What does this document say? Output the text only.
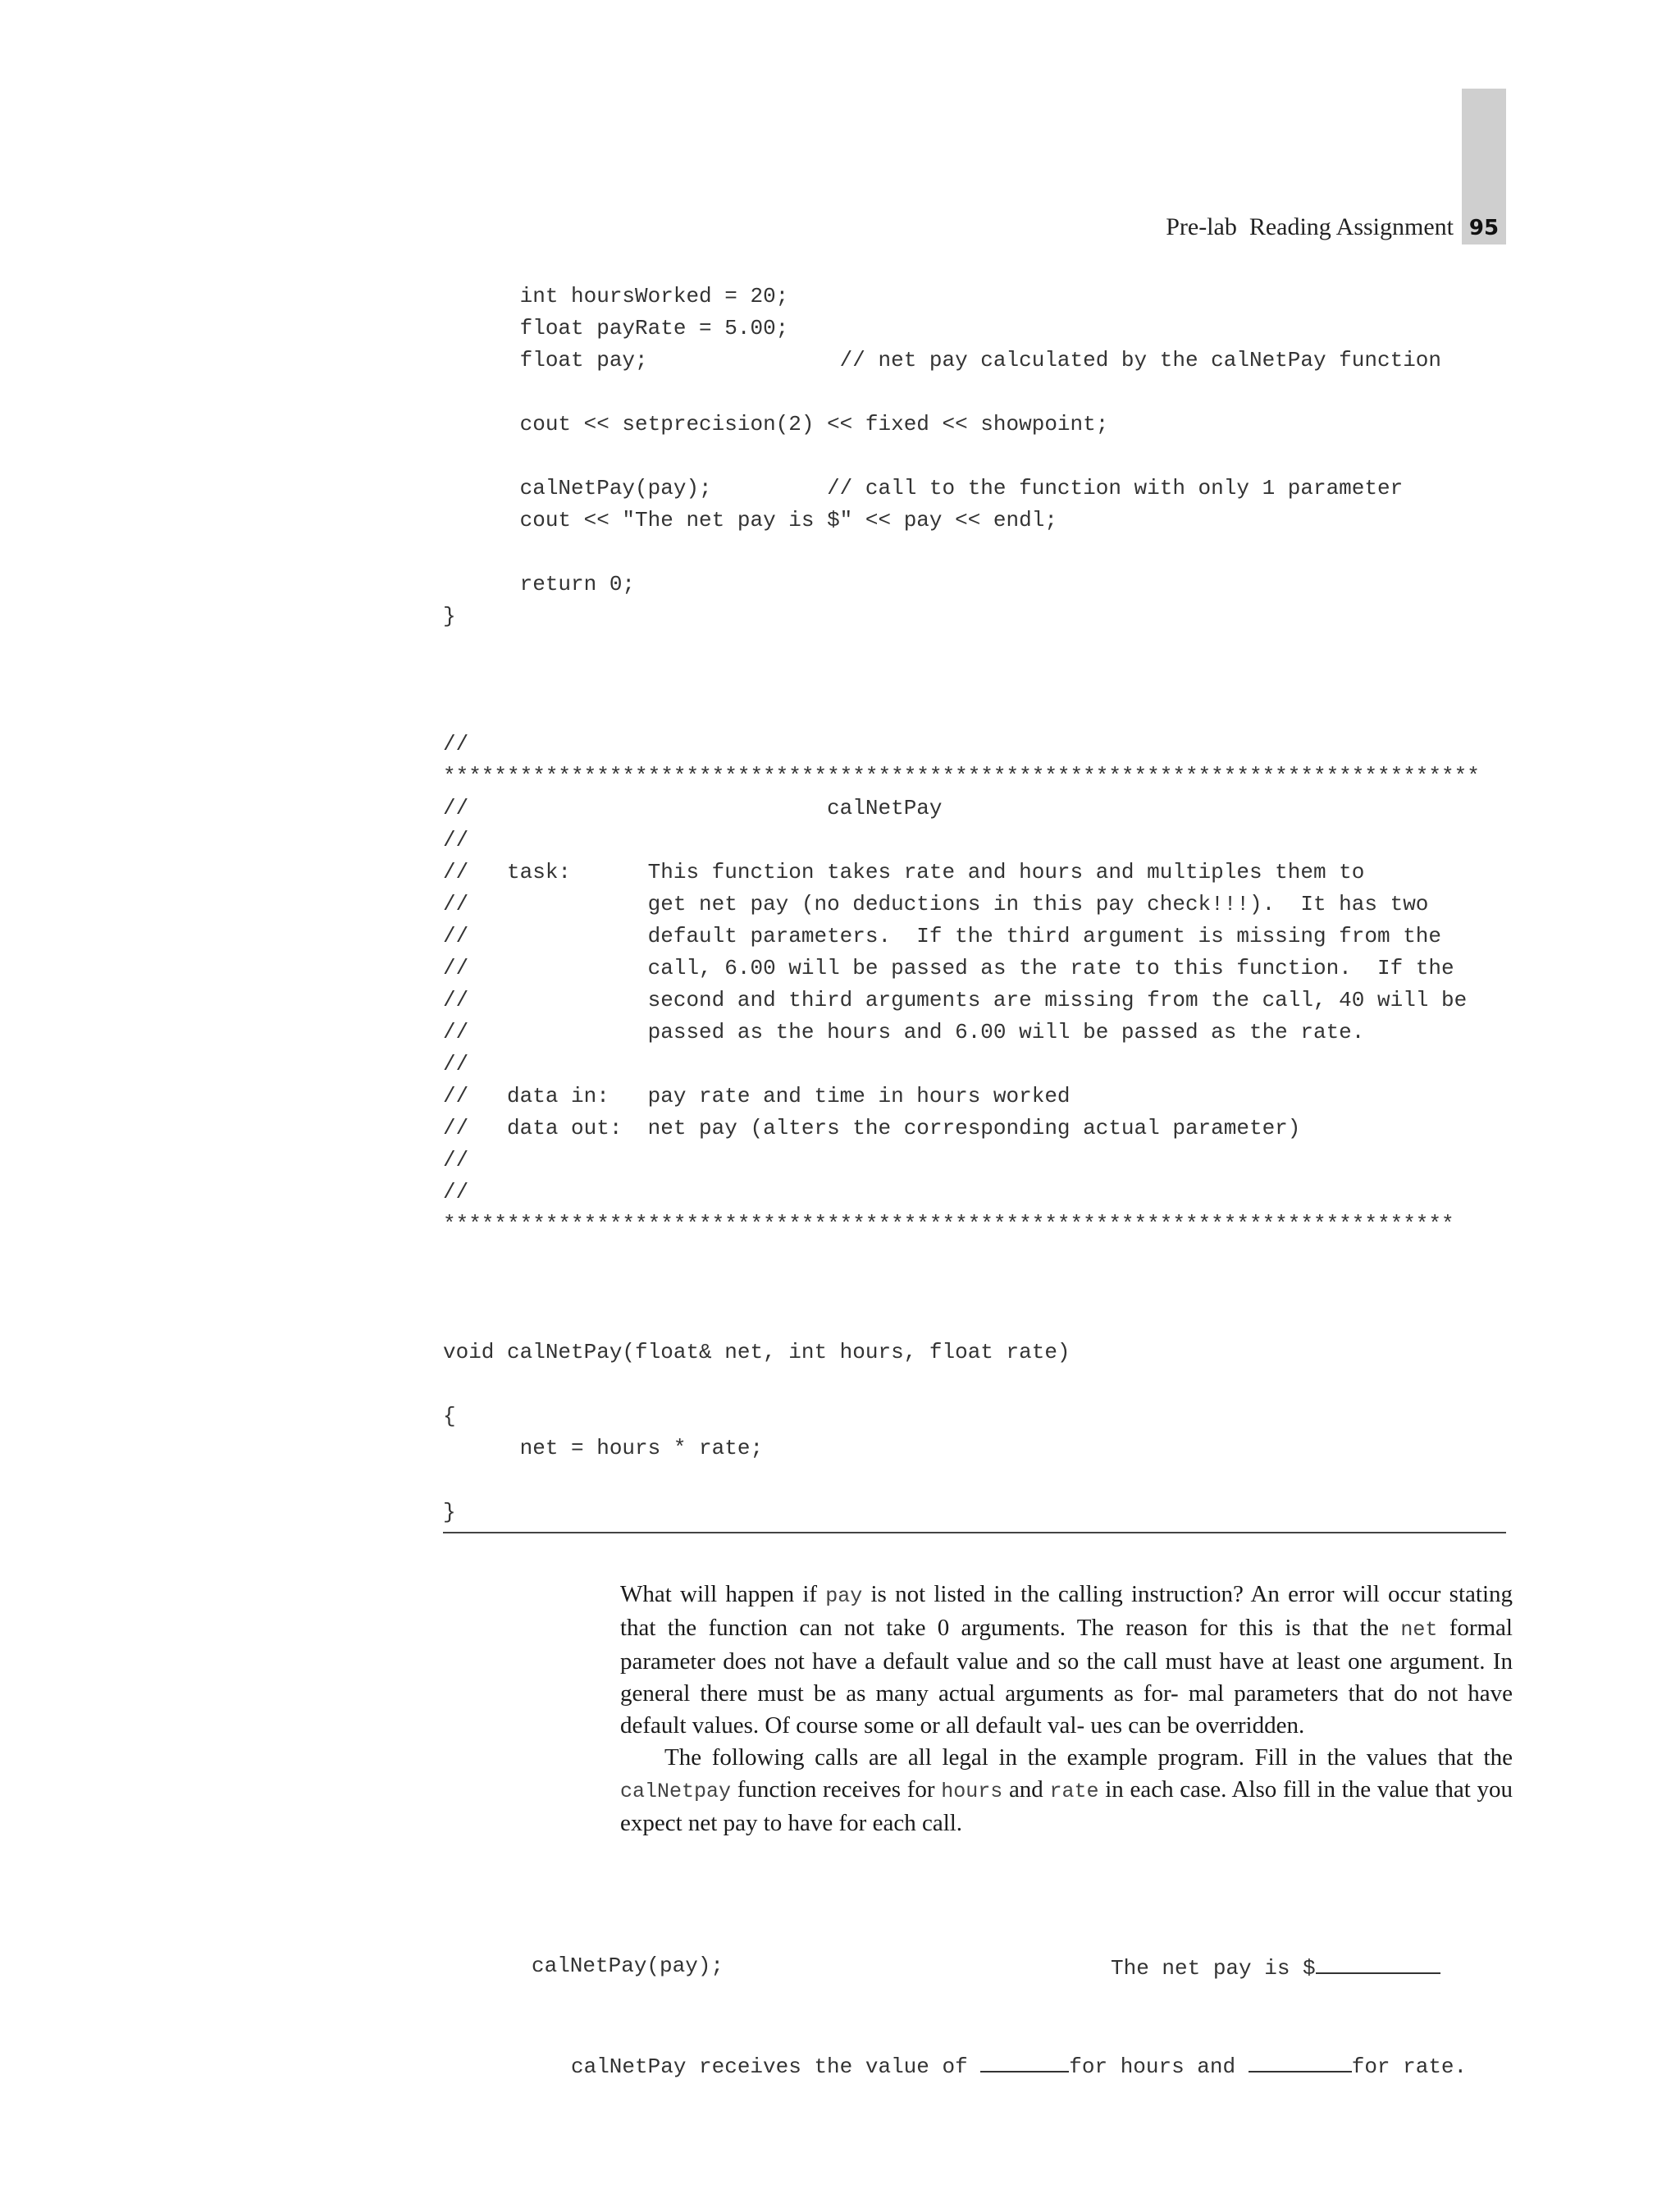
95
Pre-lab  Reading Assignment
int hoursWorked = 20;
float payRate = 5.00;
float pay;               // net pay calculated by the calNetPay function

cout << setprecision(2) << fixed << showpoint;

calNetPay(pay);         // call to the function with only 1 parameter
cout << "The net pay is $" << pay << endl;

return 0;
}
//
*********************************************************************************
//                            calNetPay
//
//   task:      This function takes rate and hours and multiples them to
//              get net pay (no deductions in this pay check!!!).  It has two
//              default parameters.  If the third argument is missing from the
//              call, 6.00 will be passed as the rate to this function.  If the
//              second and third arguments are missing from the call, 40 will be
//              passed as the hours and 6.00 will be passed as the rate.
//
//   data in:   pay rate and time in hours worked
//   data out:  net pay (alters the corresponding actual parameter)
//
//
*******************************************************************************

void calNetPay(float& net, int hours, float rate)

{
net = hours * rate;

}

What will happen if pay is not listed in the calling instruction? An error will occur stating that the function can not take 0 arguments. The reason for this is that the net formal parameter does not have a default value and so the call must have at least one argument. In general there must be as many actual arguments as for- mal parameters that do not have default values. Of course some or all default val- ues can be overridden.

The following calls are all legal in the example program. Fill in the values that the calNetpay function receives for hours and rate in each case. Also fill in the value that you expect net pay to have for each call.

calNetPay(pay);

	The net pay is $

calNetPay receives the value of	for hours and	for rate.
